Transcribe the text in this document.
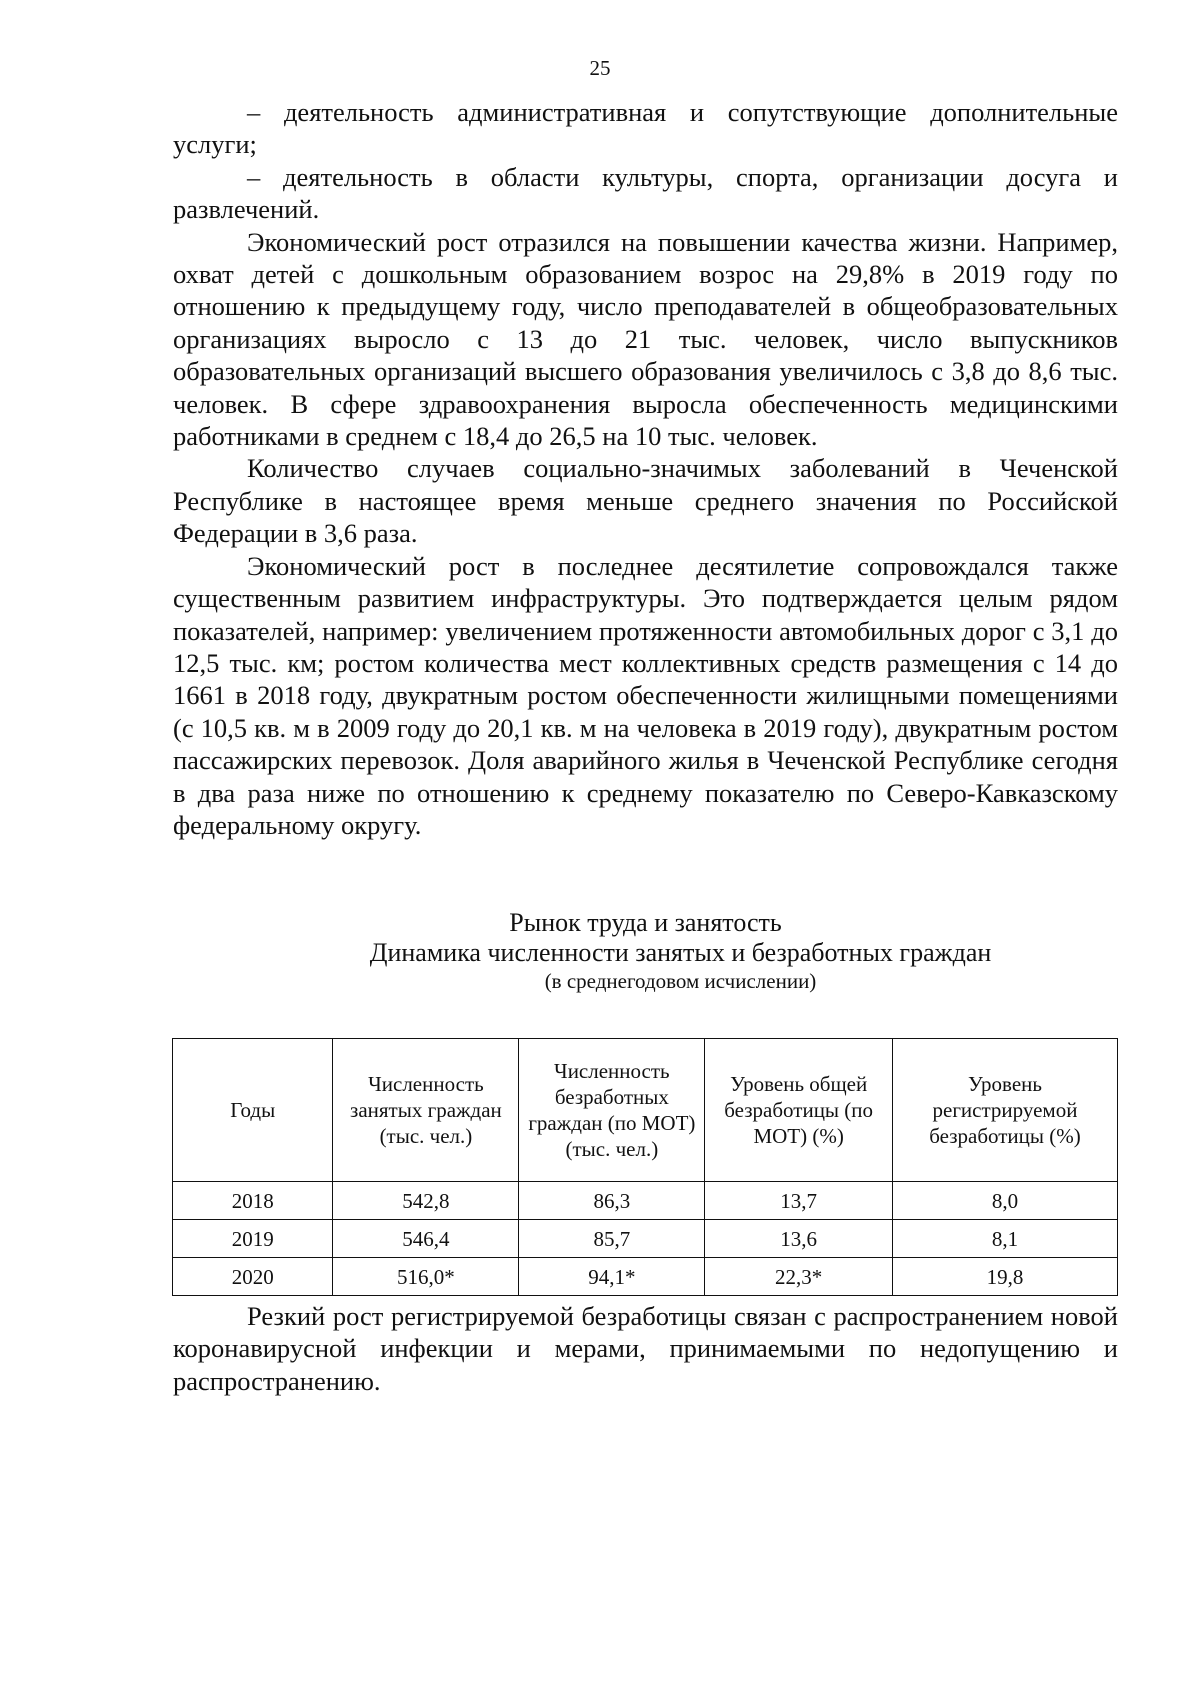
25

– деятельность административная и сопутствующие дополнительные услуги;

– деятельность в области культуры, спорта, организации досуга и развлечений.

Экономический рост отразился на повышении качества жизни. Например, охват детей с дошкольным образованием возрос на 29,8% в 2019 году по отношению к предыдущему году, число преподавателей в общеобразовательных организациях выросло с 13 до 21 тыс. человек, число выпускников образовательных организаций высшего образования увеличилось с 3,8 до 8,6 тыс. человек. В сфере здравоохранения выросла обеспеченность медицинскими работниками в среднем с 18,4 до 26,5 на 10 тыс. человек.

Количество случаев социально-значимых заболеваний в Чеченской Республике в настоящее время меньше среднего значения по Российской Федерации в 3,6 раза.

Экономический рост в последнее десятилетие сопровождался также существенным развитием инфраструктуры. Это подтверждается целым рядом показателей, например: увеличением протяженности автомобильных дорог с 3,1 до 12,5 тыс. км; ростом количества мест коллективных средств размещения с 14 до 1661 в 2018 году, двукратным ростом обеспеченности жилищными помещениями (с 10,5 кв. м в 2009 году до 20,1 кв. м на человека в 2019 году), двукратным ростом пассажирских перевозок. Доля аварийного жилья в Чеченской Республике сегодня в два раза ниже по отношению к среднему показателю по Северо-Кавказскому федеральному округу.

Рынок труда и занятость
Динамика численности занятых и безработных граждан
(в среднегодовом исчислении)
Годы	Численность занятых граждан (тыс. чел.)	Численность безработных граждан (по МОТ) (тыс. чел.)	Уровень общей безработицы (по МОТ) (%)	Уровень регистрируемой безработицы (%)
2018	542,8	86,3	13,7	8,0
2019	546,4	85,7	13,6	8,1
2020	516,0*	94,1*	22,3*	19,8

Резкий рост регистрируемой безработицы связан с распространением новой коронавирусной инфекции и мерами, принимаемыми по недопущению и распространению.
